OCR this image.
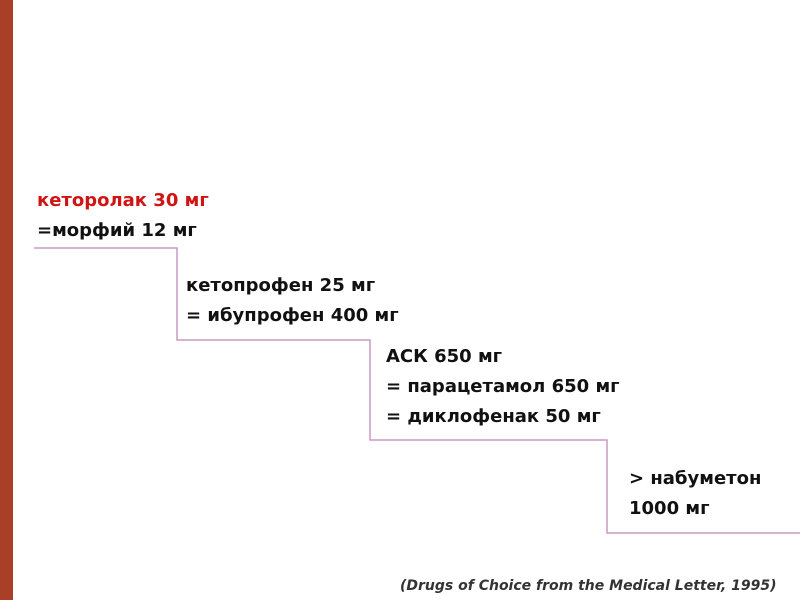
кеторолак 30 мг
=морфий 12 мг
кетопрофен 25 мг
= ибупрофен 400 мг
АСК 650 мг
= парацетамол 650 мг
= диклофенак 50 мг
> набуметон
1000 мг
(Drugs of Choice from the Medical Letter, 1995)
